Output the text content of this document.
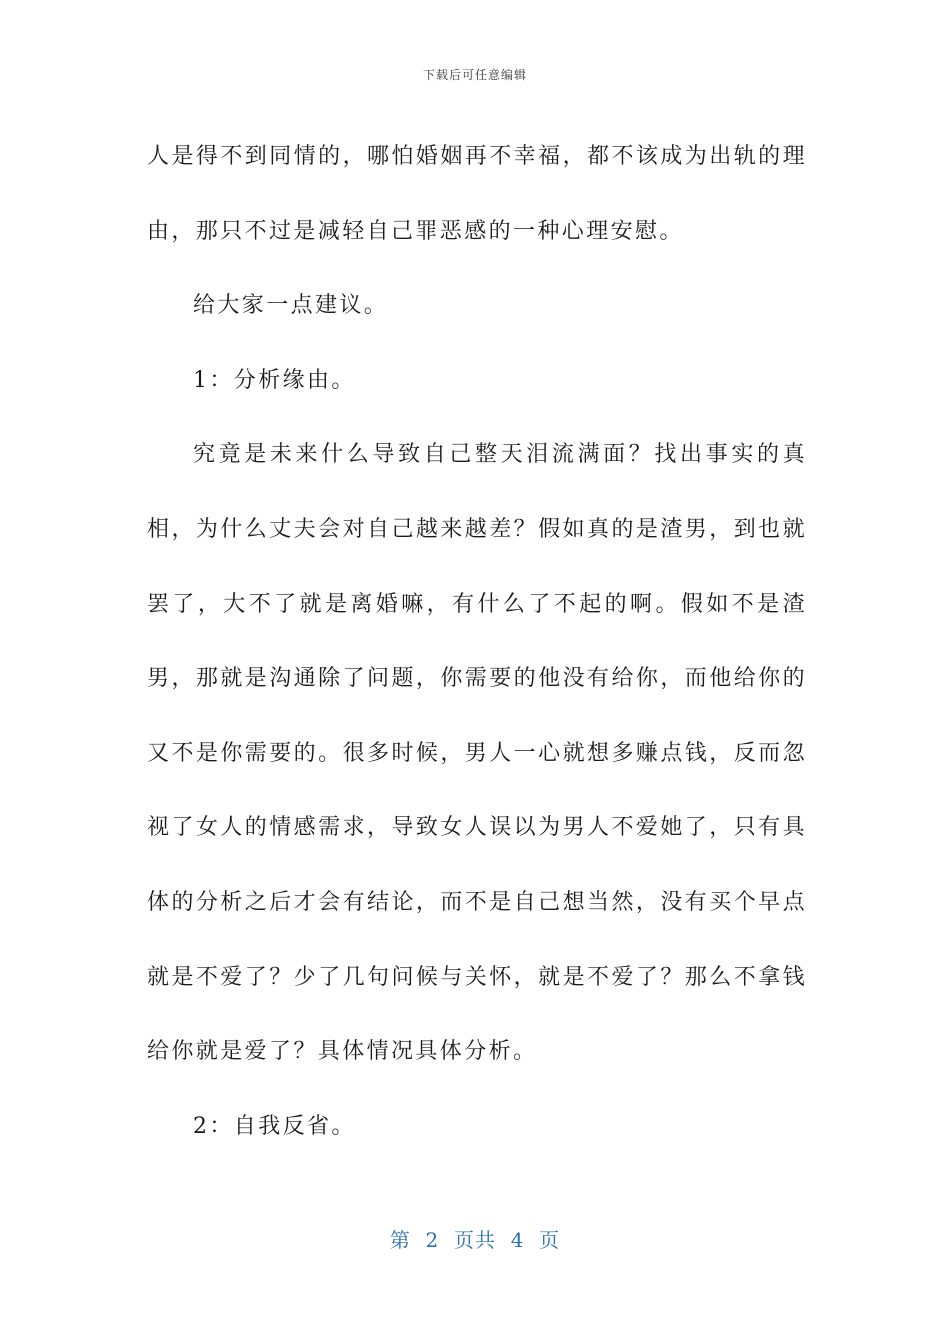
下载后可任意编辑

人是得不到同情的，哪怕婚姻再不幸福，都不该成为出轨的理由，那只不过是减轻自己罪恶感的一种心理安慰。

给大家一点建议。

1：分析缘由。

究竟是未来什么导致自己整天泪流满面？找出事实的真相，为什么丈夫会对自己越来越差？假如真的是渣男，到也就罢了，大不了就是离婚嘛，有什么了不起的啊。假如不是渣男，那就是沟通除了问题，你需要的他没有给你，而他给你的又不是你需要的。很多时候，男人一心就想多赚点钱，反而忽视了女人的情感需求，导致女人误以为男人不爱她了，只有具体的分析之后才会有结论，而不是自己想当然，没有买个早点就是不爱了？少了几句问候与关怀，就是不爱了？那么不拿钱给你就是爱了？具体情况具体分析。

2：自我反省。

第  2  页共  4  页
